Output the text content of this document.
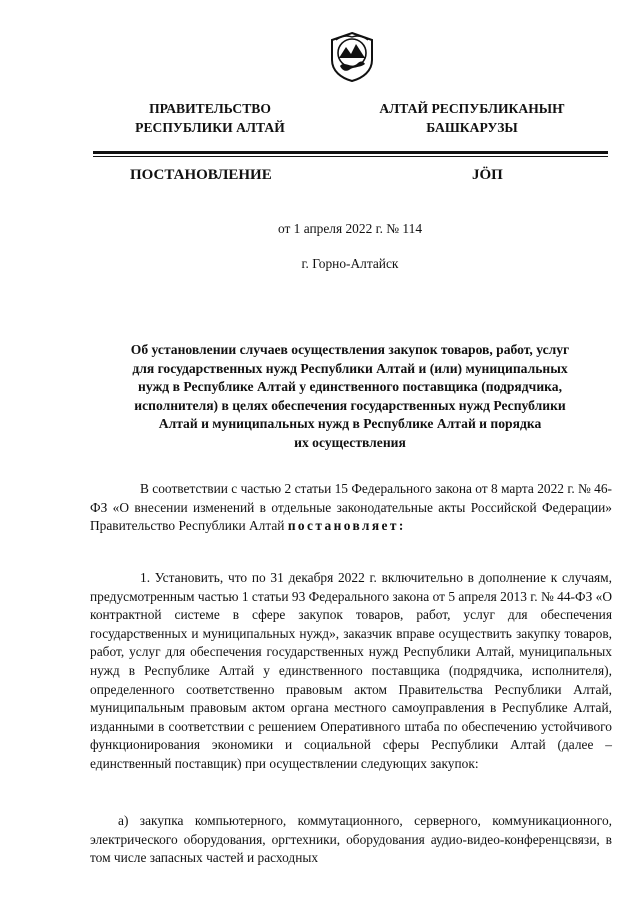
ПРАВИТЕЛЬСТВО
РЕСПУБЛИКИ АЛТАЙ
АЛТАЙ РЕСПУБЛИКАНЫҤ
БАШКАРУЗЫ
ПОСТАНОВЛЕНИЕ	JÖП
от 1 апреля 2022 г. № 114
г. Горно-Алтайск
Об установлении случаев осуществления закупок товаров, работ, услуг
для государственных нужд Республики Алтай и (или) муниципальных
нужд в Республике Алтай у единственного поставщика (подрядчика,
исполнителя) в целях обеспечения государственных нужд Республики
Алтай и муниципальных нужд в Республике Алтай и порядка
их осуществления
В соответствии с частью 2 статьи 15 Федерального закона от 8 марта 2022 г. № 46-ФЗ «О внесении изменений в отдельные законодательные акты Российской Федерации» Правительство Республики Алтай постановляет:
1. Установить, что по 31 декабря 2022 г. включительно в дополнение к случаям, предусмотренным частью 1 статьи 93 Федерального закона от 5 апреля 2013 г. № 44-ФЗ «О контрактной системе в сфере закупок товаров, работ, услуг для обеспечения государственных и муниципальных нужд», заказчик вправе осуществить закупку товаров, работ, услуг для обеспечения государственных нужд Республики Алтай, муниципальных нужд в Республике Алтай у единственного поставщика (подрядчика, исполнителя), определенного соответственно правовым актом Правительства Республики Алтай, муниципальным правовым актом органа местного самоуправления в Республике Алтай, изданными в соответствии с решением Оперативного штаба по обеспечению устойчивого функционирования экономики и социальной сферы Республики Алтай (далее – единственный поставщик) при осуществлении следующих закупок:
а) закупка компьютерного, коммутационного, серверного, коммуникационного, электрического оборудования, оргтехники, оборудования аудио-видео-конференцсвязи, в том числе запасных частей и расходных
